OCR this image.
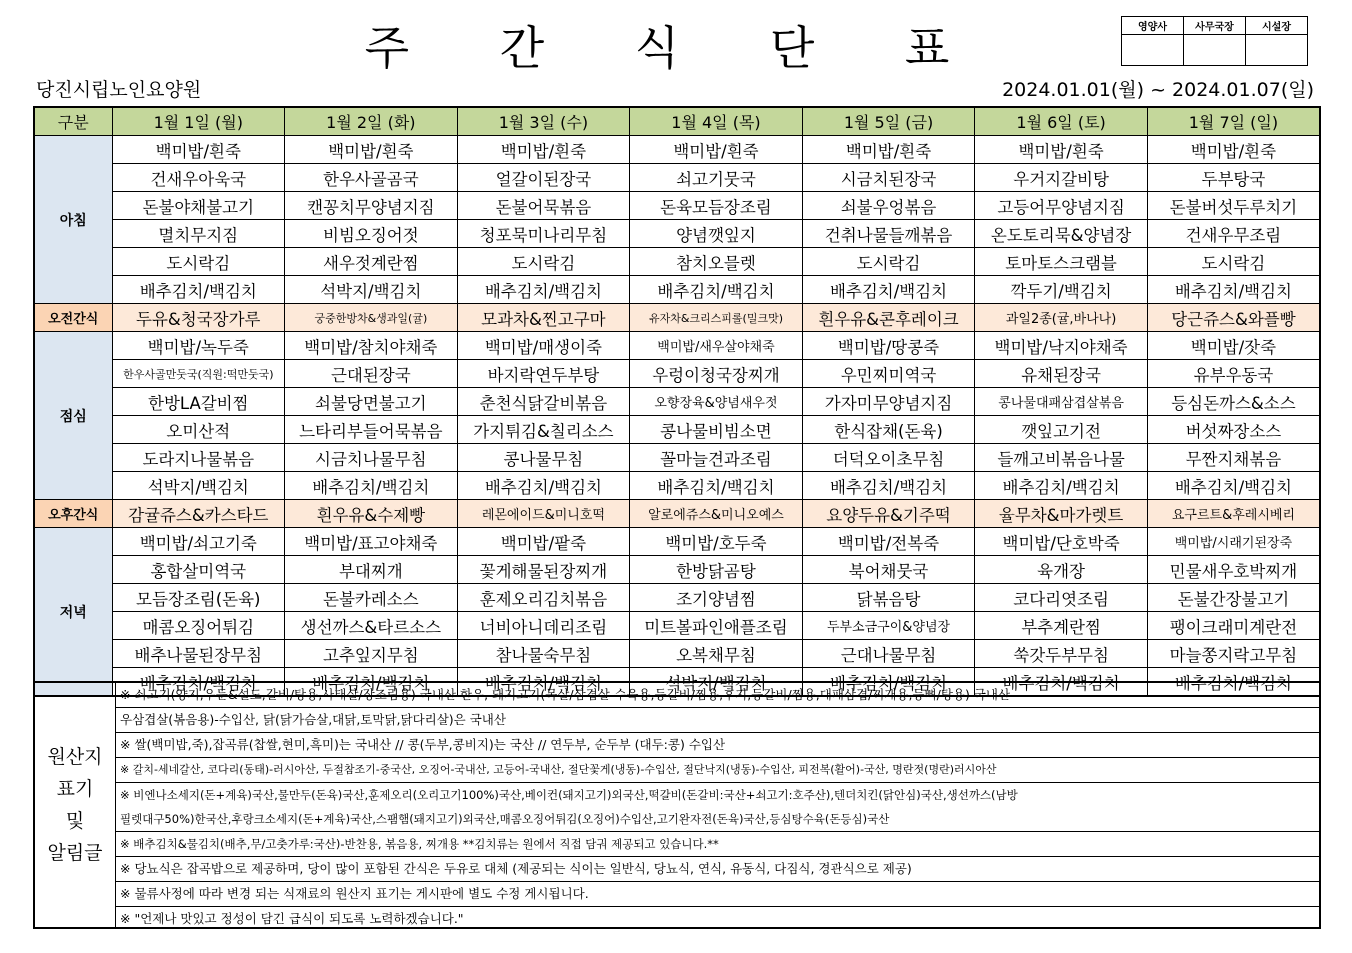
주 간 식 단 표	영양사	사무국장	시설장

당진시립노인요양원	2024.01.01(월) ~ 2024.01.07(일)
구분	1월 1일 (월)	1월 2일 (화)	1월 3일 (수)	1월 4일 (목)	1월 5일 (금)	1월 6일 (토)	1월 7일 (일)
아침	백미밥/흰죽	백미밥/흰죽	백미밥/흰죽	백미밥/흰죽	백미밥/흰죽	백미밥/흰죽	백미밥/흰죽
	건새우아욱국	한우사골곰국	얼갈이된장국	쇠고기뭇국	시금치된장국	우거지갈비탕	두부탕국
	돈불야채불고기	캔꽁치무양념지짐	돈불어묵볶음	돈육모듬장조림	쇠불우엉볶음	고등어무양념지짐	돈불버섯두루치기
	멸치무지짐	비빔오징어젓	청포묵미나리무침	양념깻잎지	건취나물들깨볶음	온도토리묵&양념장	건새우무조림
	도시락김	새우젓계란찜	도시락김	참치오믈렛	도시락김	토마토스크램블	도시락김
	배추김치/백김치	석박지/백김치	배추김치/백김치	배추김치/백김치	배추김치/백김치	깍두기/백김치	배추김치/백김치
오전간식	두유&청국장가루	궁중한방차&생과일(귤)	모과차&찐고구마	유자차&크리스피롤(밀크맛)	흰우유&콘후레이크	과일2종(귤,바나나)	당근쥬스&와플빵
점심	백미밥/녹두죽	백미밥/참치야채죽	백미밥/매생이죽	백미밥/새우살야채죽	백미밥/땅콩죽	백미밥/낙지야채죽	백미밥/잣죽
	한우사골만둣국(직원:떡만둣국)	근대된장국	바지락연두부탕	우렁이청국장찌개	우민찌미역국	유채된장국	유부우동국
	한방LA갈비찜	쇠불당면불고기	춘천식닭갈비볶음	오향장육&양념새우젓	가자미무양념지짐	콩나물대패삼겹살볶음	등심돈까스&소스
	오미산적	느타리부들어묵볶음	가지튀김&칠리소스	콩나물비빔소면	한식잡채(돈육)	깻잎고기전	버섯짜장소스
	도라지나물볶음	시금치나물무침	콩나물무침	꼴마늘견과조림	더덕오이초무침	들깨고비볶음나물	무짠지채볶음
	석박지/백김치	배추김치/백김치	배추김치/백김치	배추김치/백김치	배추김치/백김치	배추김치/백김치	배추김치/백김치
오후간식	감귤쥬스&카스타드	흰우유&수제빵	레몬에이드&미니호떡	알로에쥬스&미니오예스	요양두유&기주떡	율무차&마가렛트	요구르트&후레시베리
저녁	백미밥/쇠고기죽	백미밥/표고야채죽	백미밥/팥죽	백미밥/호두죽	백미밥/전복죽	백미밥/단호박죽	백미밥/시래기된장죽
	홍합살미역국	부대찌개	꽃게해물된장찌개	한방닭곰탕	북어채뭇국	육개장	민물새우호박찌개
	모듬장조림(돈육)	돈불카레소스	훈제오리김치볶음	조기양념찜	닭볶음탕	코다리엿조림	돈불간장불고기
	매콤오징어튀김	생선까스&타르소스	너비아니데리조림	미트볼파인애플조림	두부소금구이&양념장	부추계란찜	팽이크래미계란전
	배추나물된장무침	고추잎지무침	참나물숙무침	오복채무침	근대나물무침	쑥갓두부무침	마늘쫑지락고무침
	배추김치/백김치	배추김치/백김치	배추김치/백김치	석박지/백김치	배추김치/백김치	배추김치/백김치	배추김치/백김치
원산지
표기
및
알림글
※ 쇠고기(양지,우둔&설도,갈비/탕용,사태살/장조림용) 국내산 한우, 돼지고기(목살/삼겹살-수육용,등갈비/찜용,후지,등갈비/찜용,대패삼겹/찌개용,등뼈/탕용) 국내산
우삼겹살(볶음용)-수입산, 닭(닭가슴살,대닭,토막닭,닭다리살)은 국내산
※ 쌀(백미밥,죽),잡곡류(찹쌀,현미,흑미)는 국내산 // 콩(두부,콩비지)는 국산 // 연두부, 순두부 (대두:콩) 수입산
※ 갈치-세네갈산, 코다리(동태)-러시아산, 두절참조기-중국산, 오징어-국내산, 고등어-국내산, 절단꽃게(냉동)-수입산, 절단낙지(냉동)-수입산, 피전복(활어)-국산, 명란젓(명란)러시아산
※ 비엔나소세지(돈+계육)국산,물만두(돈육)국산,훈제오리(오리고기100%)국산,베이컨(돼지고기)외국산,떡갈비(돈갈비:국산+쇠고기:호주산),텐더치킨(닭안심)국산,생선까스(남방
필렛대구50%)한국산,후랑크소세지(돈+계육)국산,스팸햄(돼지고기)외국산,매콤오징어튀김(오징어)수입산,고기완자전(돈육)국산,등심탕수육(돈등심)국산
※ 배추김치&물김치(배추,무/고춧가루:국산)-반찬용, 볶음용, 찌개용 **김치류는 원에서 직접 담궈 제공되고 있습니다.**
※ 당뇨식은 잡곡밥으로 제공하며, 당이 많이 포함된 간식은 두유로 대체 (제공되는 식이는 일반식, 당뇨식, 연식, 유동식, 다짐식, 경관식으로 제공)
※ 물류사정에 따라 변경 되는 식재료의 원산지 표기는 게시판에 별도 수정 게시됩니다.
※ "언제나 맛있고 정성이 담긴 급식이 되도록 노력하겠습니다."
